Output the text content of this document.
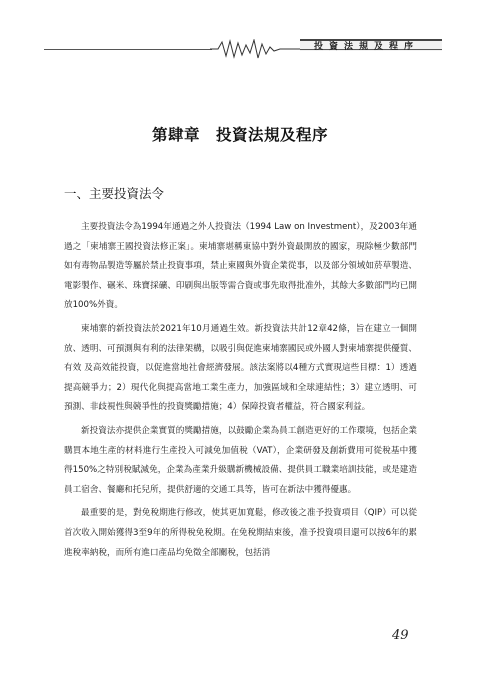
投資法規及程序
第肆章　投資法規及程序
一、主要投資法令

主要投資法令為1994年通過之外人投資法（1994 Law on Investment），及2003年通過之「柬埔寨王國投資法修正案」。柬埔寨堪稱東協中對外資最開放的國家，現除極少數部門如有毒物品製造等屬於禁止投資事項，禁止柬國與外資企業從事，以及部分領域如菸草製造、電影製作、碾米、珠寶採礦、印刷與出版等需合資或事先取得批准外，其餘大多數部門均已開放100%外資。

柬埔寨的新投資法於2021年10月通過生效。新投資法共計12章42條，旨在建立一個開放、透明、可預測與有利的法律架構，以吸引與促進柬埔寨國民或外國人對柬埔寨提供優質、有效 及高效能投資，以促進當地社會經濟發展。該法案將以4種方式實現這些目標：1）透過提高競爭力；2）現代化與提高當地工業生產力，加強區域和全球連結性；3）建立透明、可預測、非歧視性與競爭性的投資獎勵措施；4）保障投資者權益，符合國家利益。

新投資法亦提供企業實質的獎勵措施，以鼓勵企業為員工創造更好的工作環境，包括企業購買本地生產的材料進行生產投入可減免加值稅（VAT），企業研發及創新費用可從稅基中獲得150%之特別稅賦減免，企業為產業升級購新機械設備、提供員工職業培訓技能，或是建造員工宿舍、餐廳和托兒所，提供舒適的交通工具等，皆可在新法中獲得優惠。

最重要的是，對免稅期進行修改，使其更加寬鬆，修改後之准予投資項目（QIP）可以從首次收入開始獲得3至9年的所得稅免稅期。在免稅期結束後，准予投資項目還可以按6年的累進稅率納稅，而所有進口產品均免徵全部關稅，包括消

49
